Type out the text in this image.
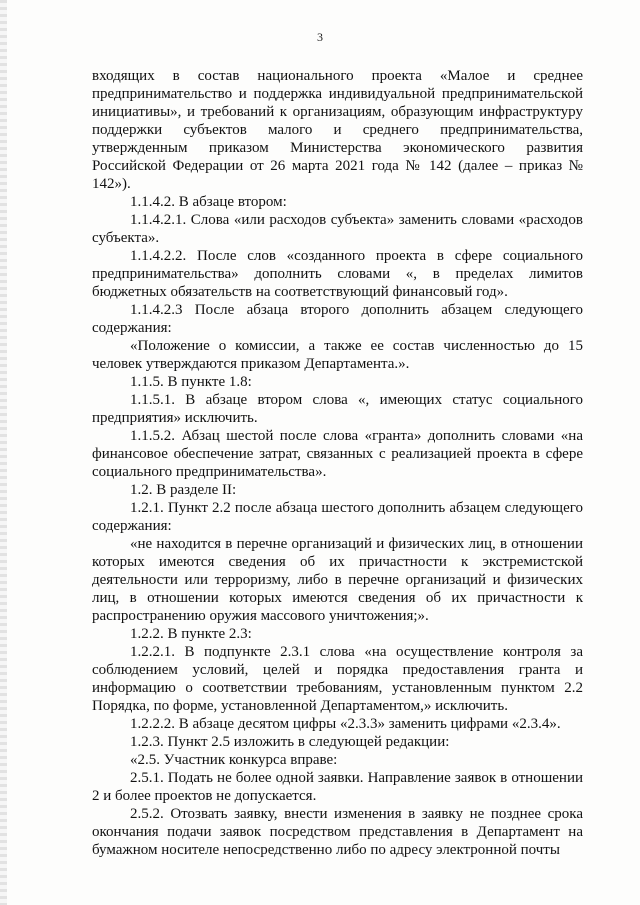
3

входящих в состав национального проекта «Малое и среднее предпринимательство и поддержка индивидуальной предпринимательской инициативы», и требований к организациям, образующим инфраструктуру поддержки субъектов малого и среднего предпринимательства, утвержденным приказом Министерства экономического развития Российской Федерации от 26 марта 2021 года № 142 (далее – приказ № 142»).

1.1.4.2. В абзаце втором:

1.1.4.2.1. Слова «или расходов субъекта» заменить словами «расходов субъекта».

1.1.4.2.2. После слов «созданного проекта в сфере социального предпринимательства» дополнить словами «, в пределах лимитов бюджетных обязательств на соответствующий финансовый год».

1.1.4.2.3 После абзаца второго дополнить абзацем следующего содержания:

«Положение о комиссии, а также ее состав численностью до 15 человек утверждаются приказом Департамента.».

1.1.5. В пункте 1.8:

1.1.5.1. В абзаце втором слова «, имеющих статус социального предприятия» исключить.

1.1.5.2. Абзац шестой после слова «гранта» дополнить словами «на финансовое обеспечение затрат, связанных с реализацией проекта в сфере социального предпринимательства».

1.2. В разделе II:

1.2.1. Пункт 2.2 после абзаца шестого дополнить абзацем следующего содержания:

«не находится в перечне организаций и физических лиц, в отношении которых имеются сведения об их причастности к экстремистской деятельности или терроризму, либо в перечне организаций и физических лиц, в отношении которых имеются сведения об их причастности к распространению оружия массового уничтожения;».

1.2.2. В пункте 2.3:

1.2.2.1. В подпункте 2.3.1 слова «на осуществление контроля за соблюдением условий, целей и порядка предоставления гранта и информацию о соответствии требованиям, установленным пунктом 2.2 Порядка, по форме, установленной Департаментом,» исключить.

1.2.2.2. В абзаце десятом цифры «2.3.3» заменить цифрами «2.3.4».

1.2.3. Пункт 2.5 изложить в следующей редакции:

«2.5. Участник конкурса вправе:

2.5.1. Подать не более одной заявки. Направление заявок в отношении 2 и более проектов не допускается.

2.5.2. Отозвать заявку, внести изменения в заявку не позднее срока окончания подачи заявок посредством представления в Департамент на бумажном носителе непосредственно либо по адресу электронной почты
